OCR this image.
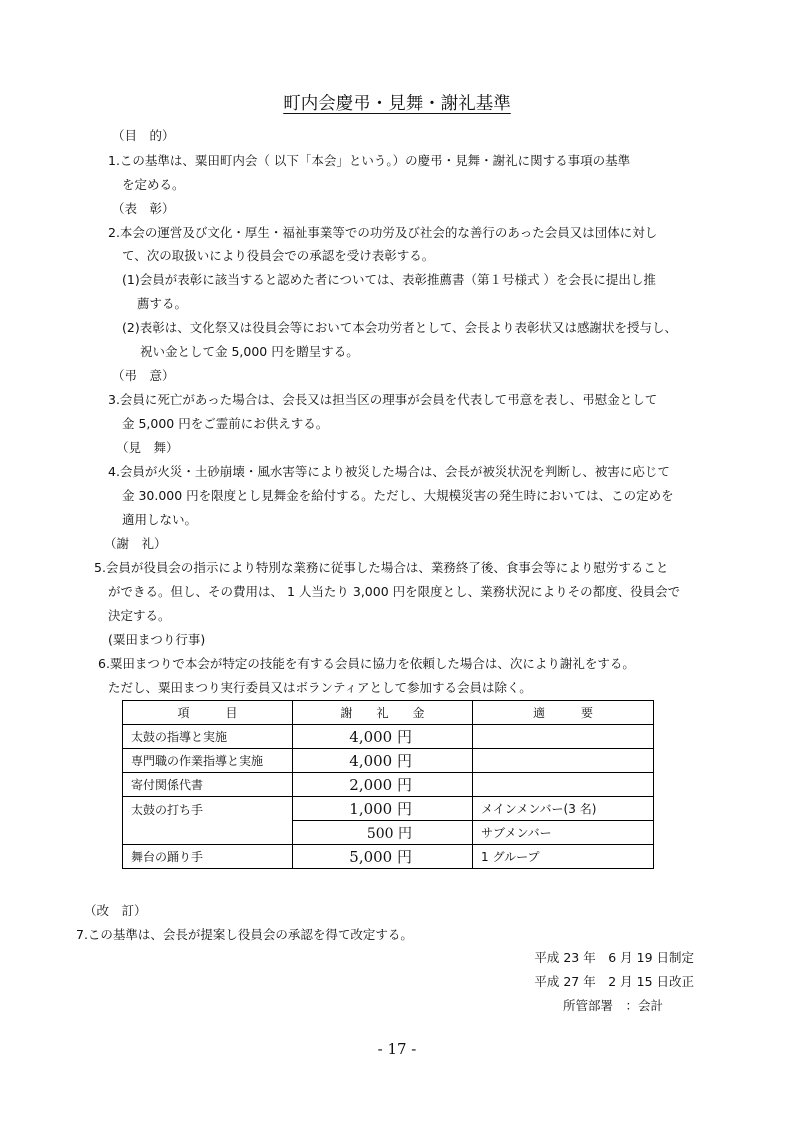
町内会慶弔・見舞・謝礼基準
（目　的）
1.この基準は、粟田町内会（ 以下「本会」という。）の慶弔・見舞・謝礼に関する事項の基準
を定める。
（表　彰）
2.本会の運営及び文化・厚生・福祉事業等での功労及び社会的な善行のあった会員又は団体に対し
て、次の取扱いにより役員会での承認を受け表彰する。
(1)会員が表彰に該当すると認めた者については、表彰推薦書（第１号様式 ）を会長に提出し推
薦する。
(2)表彰は、文化祭又は役員会等において本会功労者として、会長より表彰状又は感謝状を授与し、
祝い金として金 5,000 円を贈呈する。
（弔　意）
3.会員に死亡があった場合は、会長又は担当区の理事が会員を代表して弔意を表し、弔慰金として
金 5,000 円をご霊前にお供えする。
（見　舞）
4.会員が火災・土砂崩壊・風水害等により被災した場合は、会長が被災状況を判断し、被害に応じて
金 30.000 円を限度とし見舞金を給付する。ただし、大規模災害の発生時においては、この定めを
適用しない。
（謝　礼）
5.会員が役員会の指示により特別な業務に従事した場合は、業務終了後、食事会等により慰労すること
ができる。但し、その費用は、 1 人当たり 3,000 円を限度とし、業務状況によりその都度、役員会で
決定する。
(粟田まつり行事)
6.粟田まつりで本会が特定の技能を有する会員に協力を依頼した場合は、次により謝礼をする。
ただし、粟田まつり実行委員又はボランティアとして参加する会員は除く。
項　　　目	謝　　礼　　金	適　　　要
太鼓の指導と実施	4,000 円	
専門職の作業指導と実施	4,000 円	
寄付関係代書	2,000 円	
太鼓の打ち手	1,000 円	メインメンバー(3 名)
	500 円	サブメンバー
舞台の踊り手	5,000 円	1 グループ
（改　訂）
7.この基準は、会長が提案し役員会の承認を得て改定する。
平成 23 年　6 月 19 日制定
平成 27 年　2 月 15 日改正
所管部署　：会計
- 17 -
